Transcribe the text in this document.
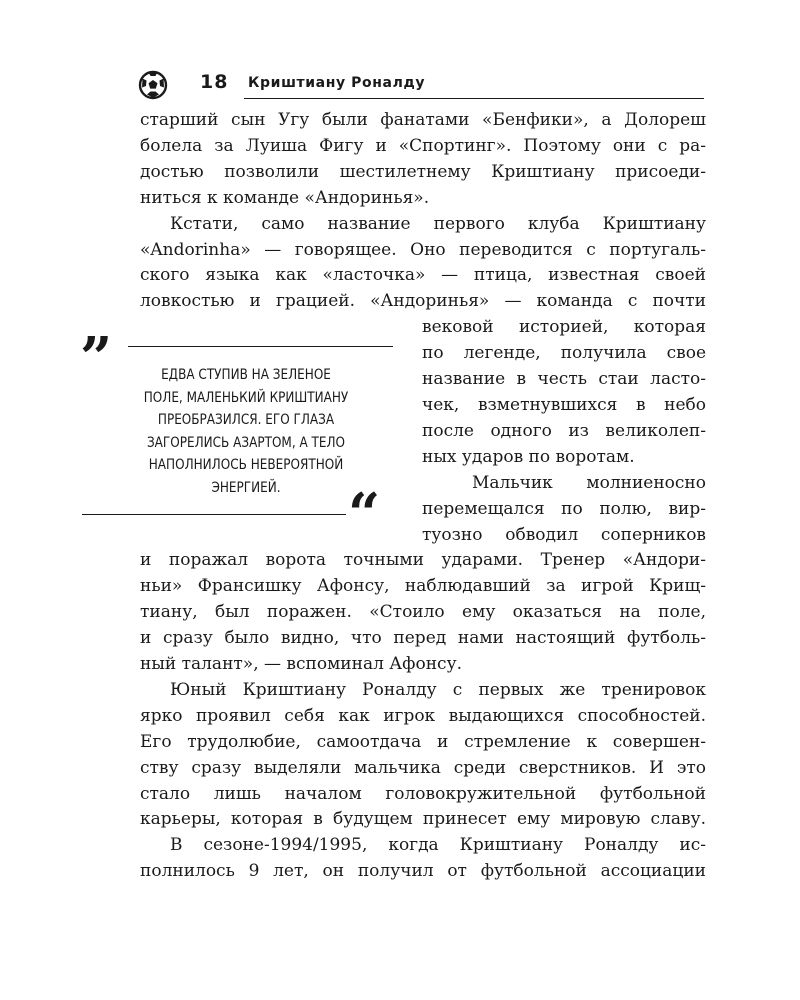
18 Криштиану Роналду
старший сын Угу были фанатами «Бенфики», а Долореш
болела за Луиша Фигу и «Спортинг». Поэтому они с ра-
достью позволили шестилетнему Криштиану присоеди-
ниться к команде «Андоринья».
Кстати, само название первого клуба Криштиану
«Andorinha» — говорящее. Оно переводится с португаль-
ского языка как «ласточка» — птица, известная своей
ловкостью и грацией. «Андоринья» — команда с почти
вековой историей, которая
по легенде, получила свое
название в честь стаи ласто-
чек, взметнувшихся в небо
после одного из великолеп-
ных ударов по воротам.
Мальчик молниеносно
перемещался по полю, вир-
туозно обводил соперников
и поражал ворота точными ударами. Тренер «Андори-
ньи» Франсишку Афонсу, наблюдавший за игрой Крищ-
тиану, был поражен. «Стоило ему оказаться на поле,
и сразу было видно, что перед нами настоящий футболь-
ный талант», — вспоминал Афонсу.
Юный Криштиану Роналду с первых же тренировок
ярко проявил себя как игрок выдающихся способностей.
Его трудолюбие, самоотдача и стремление к совершен-
ству сразу выделяли мальчика среди сверстников. И это
стало лишь началом головокружительной футбольной
карьеры, которая в будущем принесет ему мировую славу.
В сезоне-1994/1995, когда Криштиану Роналду ис-
полнилось 9 лет, он получил от футбольной ассоциации
”	ЕДВА СТУПИВ НА ЗЕЛЕНОЕ
ПОЛЕ, МАЛЕНЬКИЙ КРИШТИАНУ
ПРЕОБРАЗИЛСЯ. ЕГО ГЛАЗА
ЗАГОРЕЛИСЬ АЗАРТОМ, А ТЕЛО
НАПОЛНИЛОСЬ НЕВЕРОЯТНОЙ
ЭНЕРГИЕЙ.	“
